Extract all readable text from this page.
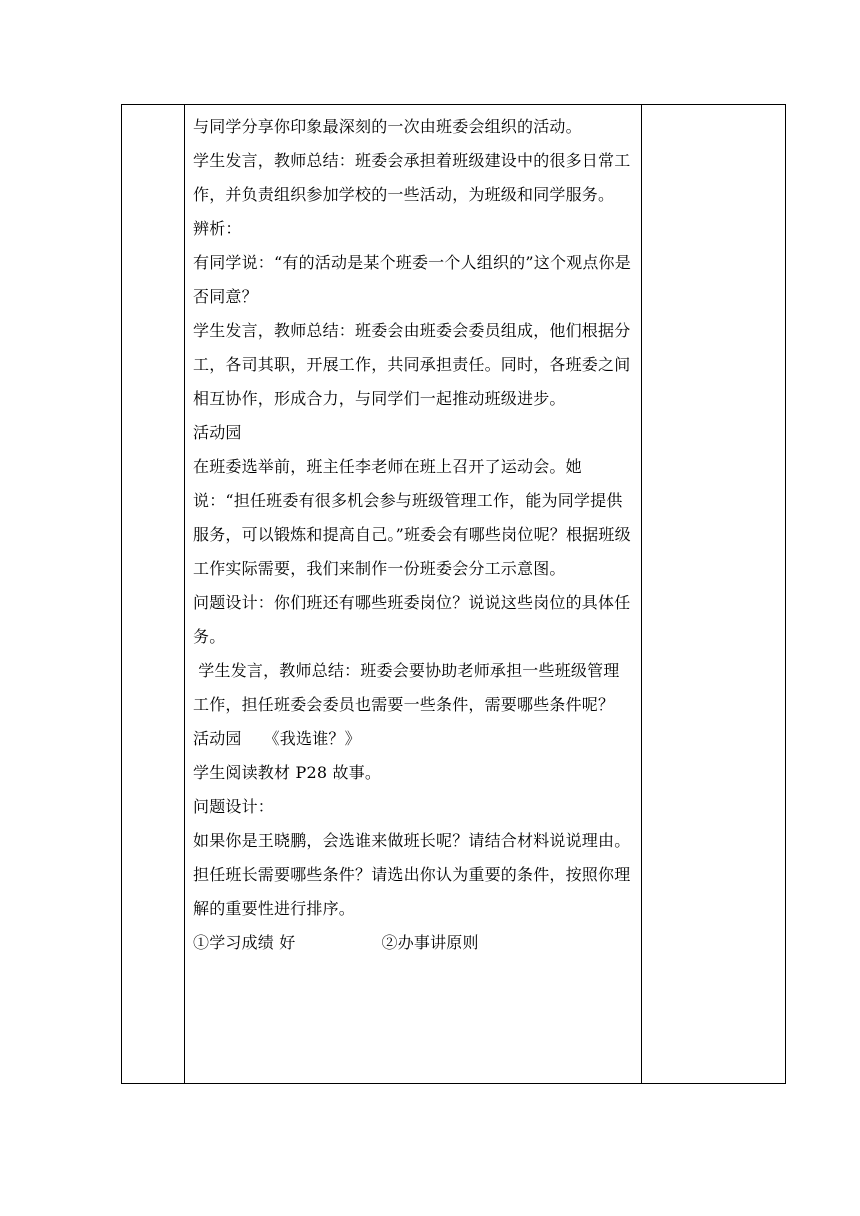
与同学分享你印象最深刻的一次由班委会组织的活动。

学生发言，教师总结：班委会承担着班级建设中的很多日常工作，并负责组织参加学校的一些活动，为班级和同学服务。

辨析：

有同学说：“有的活动是某个班委一个人组织的”这个观点你是否同意？

学生发言，教师总结：班委会由班委会委员组成，他们根据分工，各司其职，开展工作，共同承担责任。同时，各班委之间相互协作，形成合力，与同学们一起推动班级进步。

活动园

在班委选举前，班主任李老师在班上召开了运动会。她说：“担任班委有很多机会参与班级管理工作，能为同学提供服务，可以锻炼和提高自己。”班委会有哪些岗位呢？根据班级工作实际需要，我们来制作一份班委会分工示意图。

问题设计：你们班还有哪些班委岗位？说说这些岗位的具体任务。

学生发言，教师总结：班委会要协助老师承担一些班级管理工作，担任班委会委员也需要一些条件，需要哪些条件呢？

活动园 《我选谁？》

学生阅读教材 P28 故事。

问题设计：

如果你是王晓鹏，会选谁来做班长呢？请结合材料说说理由。

担任班长需要哪些条件？请选出你认为重要的条件，按照你理解的重要性进行排序。

①学习成绩 好	②办事讲原则
